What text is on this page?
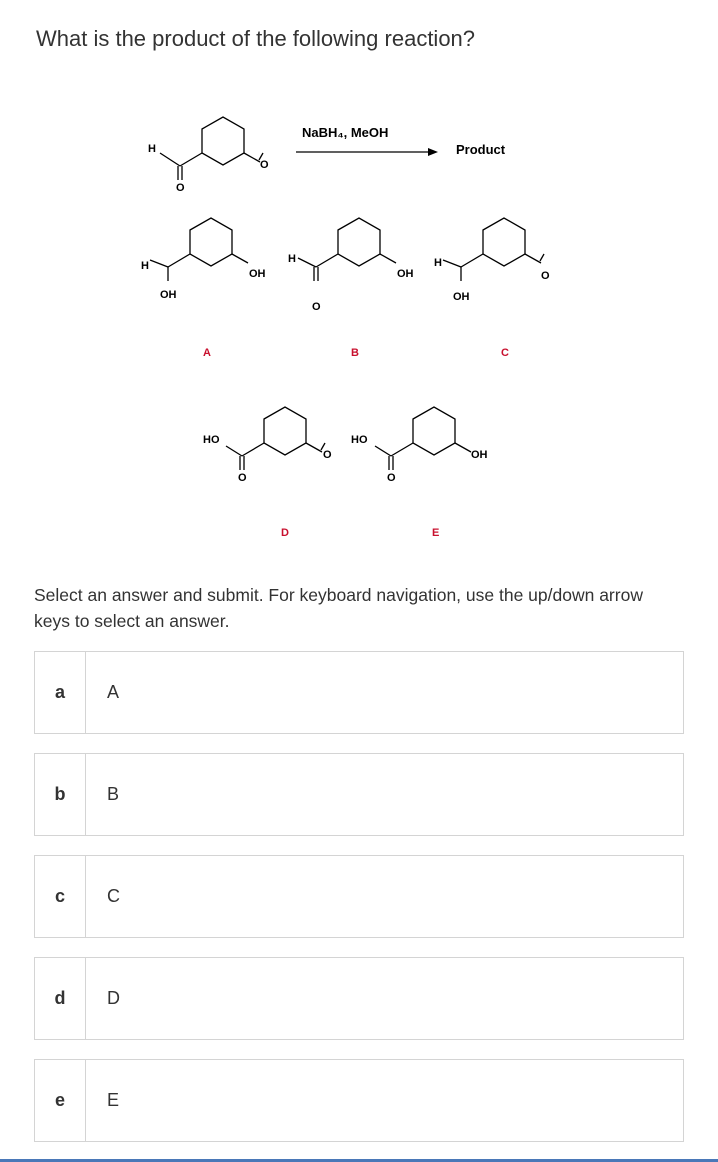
What is the product of the following reaction?
O
H
O
NaBH₄, MeOH
Product
OH
H
OH
A
OH
H
O
B
O
H
OH
C
O
HO
O
D
OH
HO
O
E

Select an answer and submit. For keyboard navigation, use the up/down arrow keys to select an answer.

a	A
b	B
c	C
d	D
e	E
